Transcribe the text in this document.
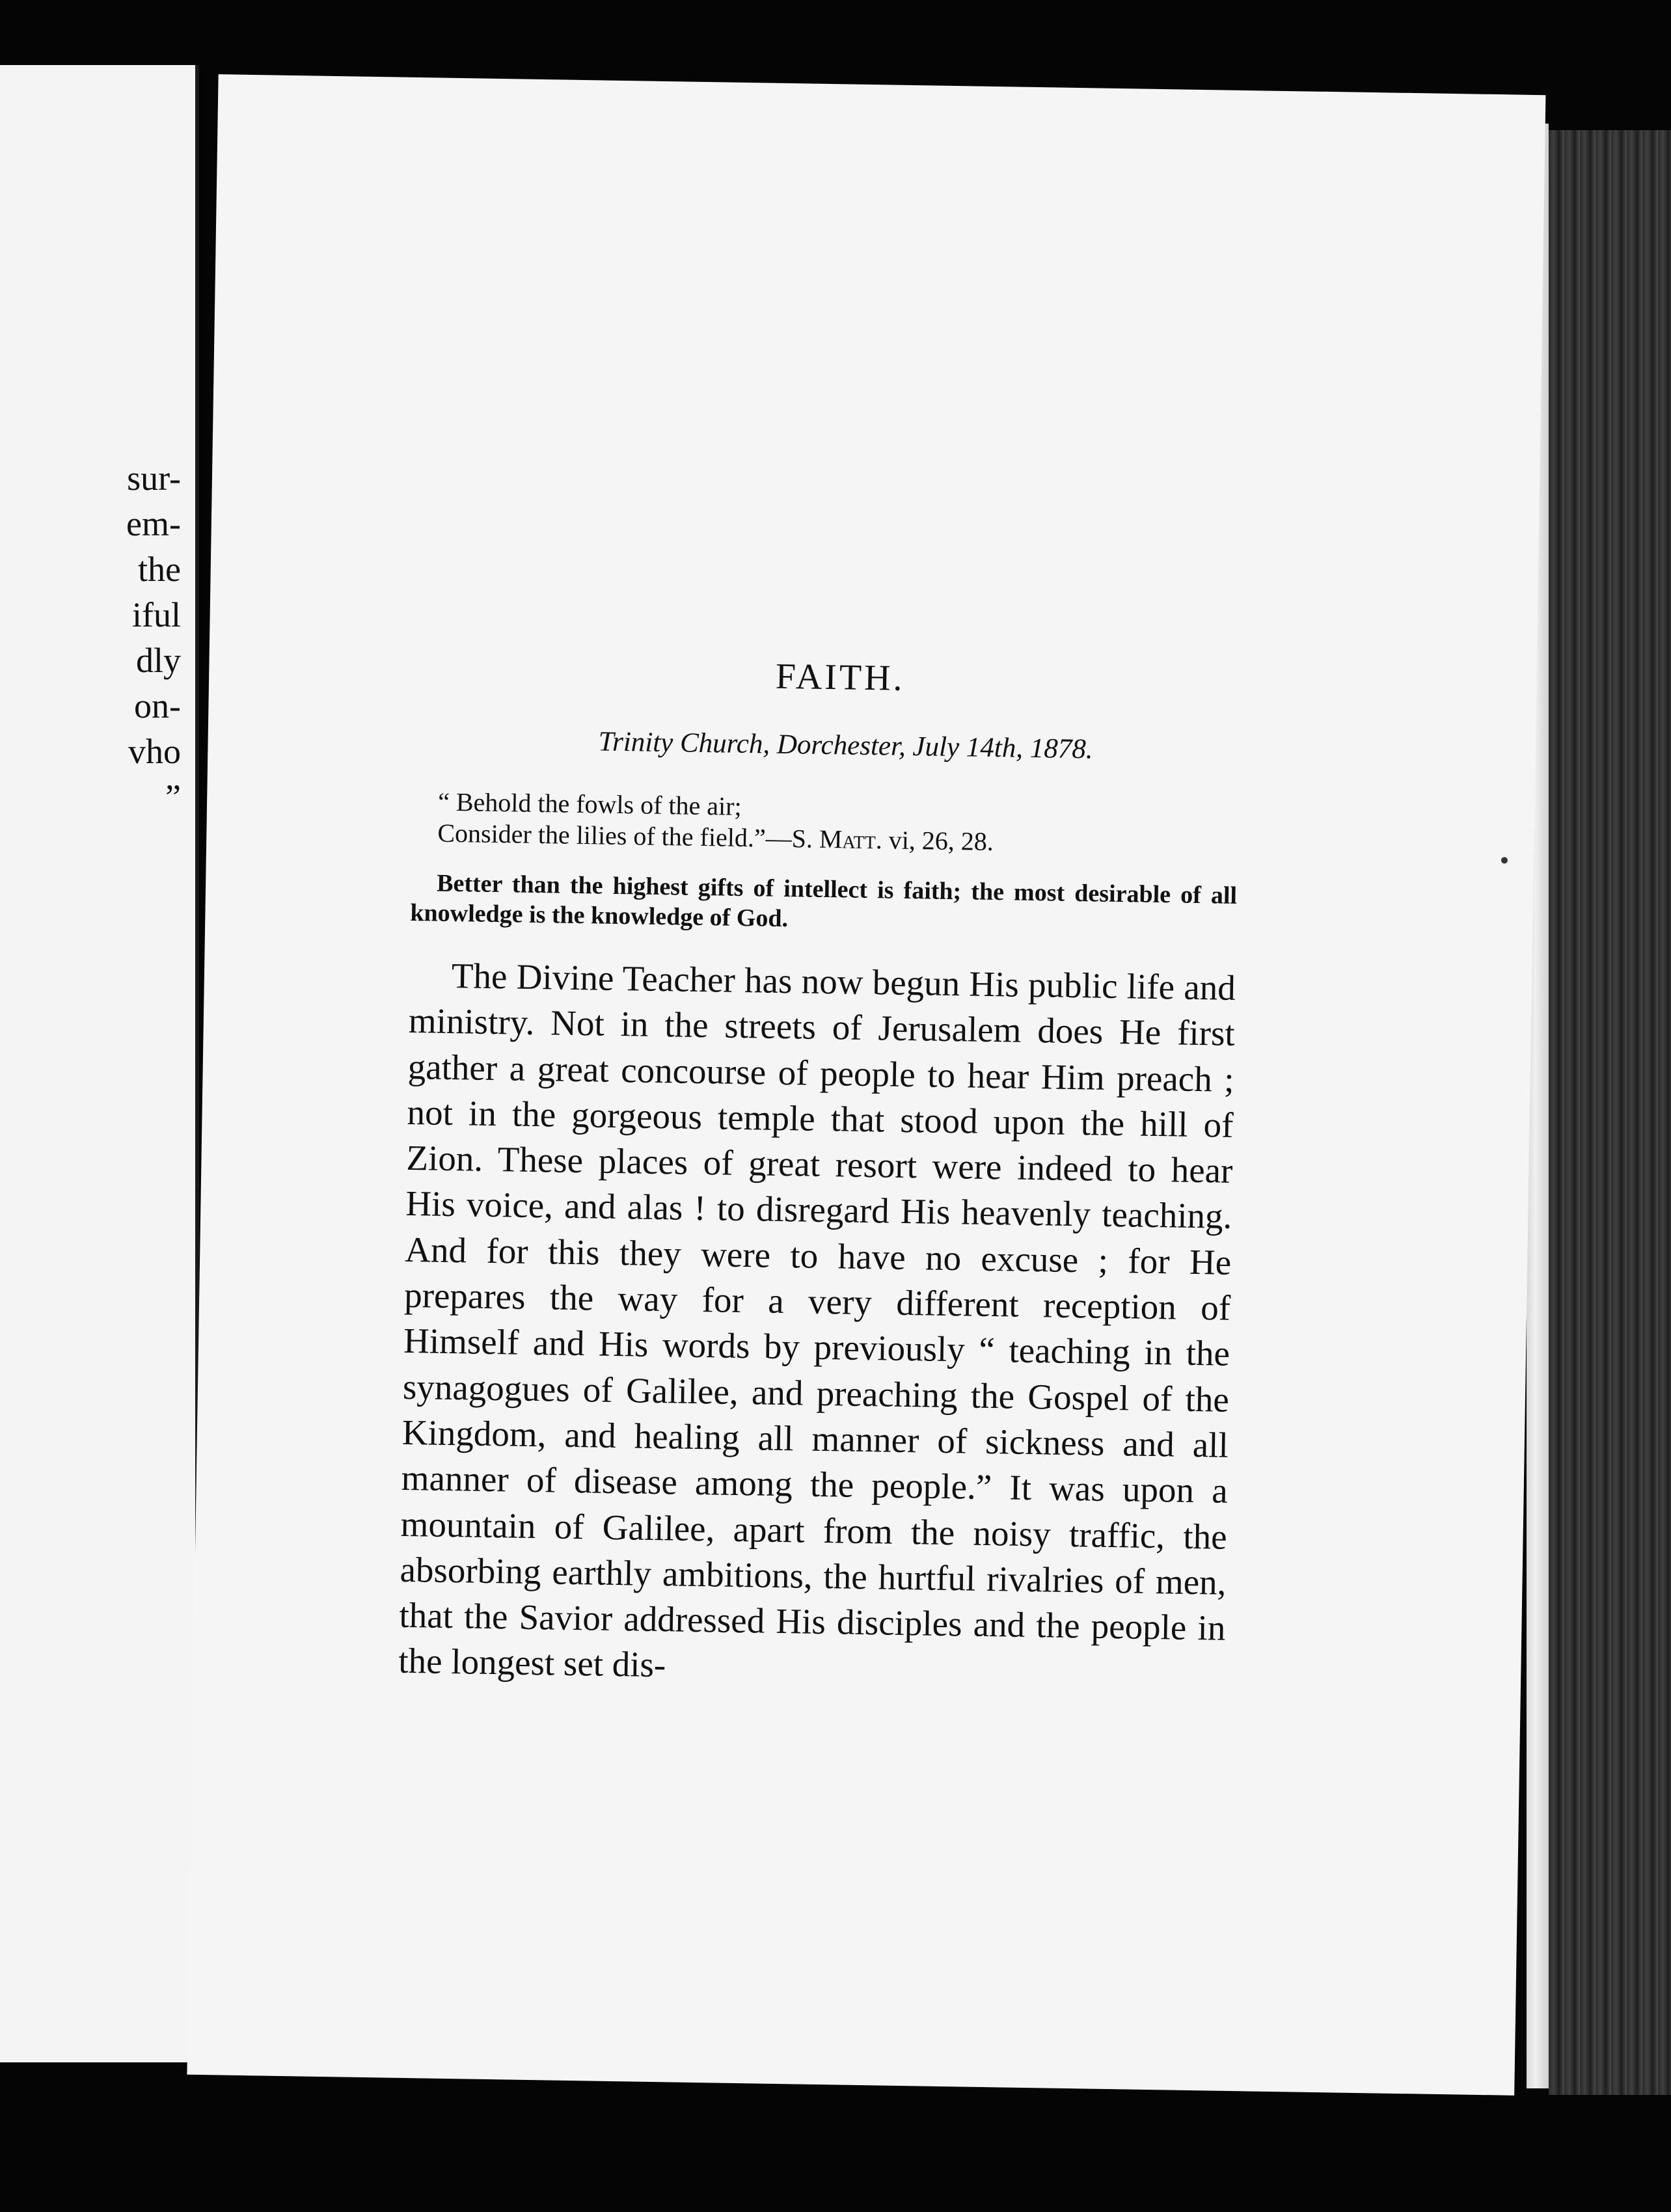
sur-
em-
the
iful
dly
on-
vho
”
FAITH.
Trinity Church, Dorchester, July 14th, 1878.
“ Behold the fowls of the air;
Consider the lilies of the field.”—S. Matt. vi, 26, 28.

Better than the highest gifts of intellect is faith; the most desirable of all knowledge is the knowledge of God.

The Divine Teacher has now begun His public life and ministry. Not in the streets of Jerusalem does He first gather a great concourse of people to hear Him preach ; not in the gorgeous temple that stood upon the hill of Zion. These places of great resort were indeed to hear His voice, and alas ! to disregard His heavenly teaching. And for this they were to have no excuse ; for He prepares the way for a very different reception of Himself and His words by previously “ teaching in the synagogues of Galilee, and preaching the Gospel of the Kingdom, and healing all manner of sickness and all manner of disease among the people.” It was upon a mountain of Galilee, apart from the noisy traffic, the absorbing earthly ambitions, the hurtful rivalries of men, that the Savior addressed His disciples and the people in the longest set dis-
